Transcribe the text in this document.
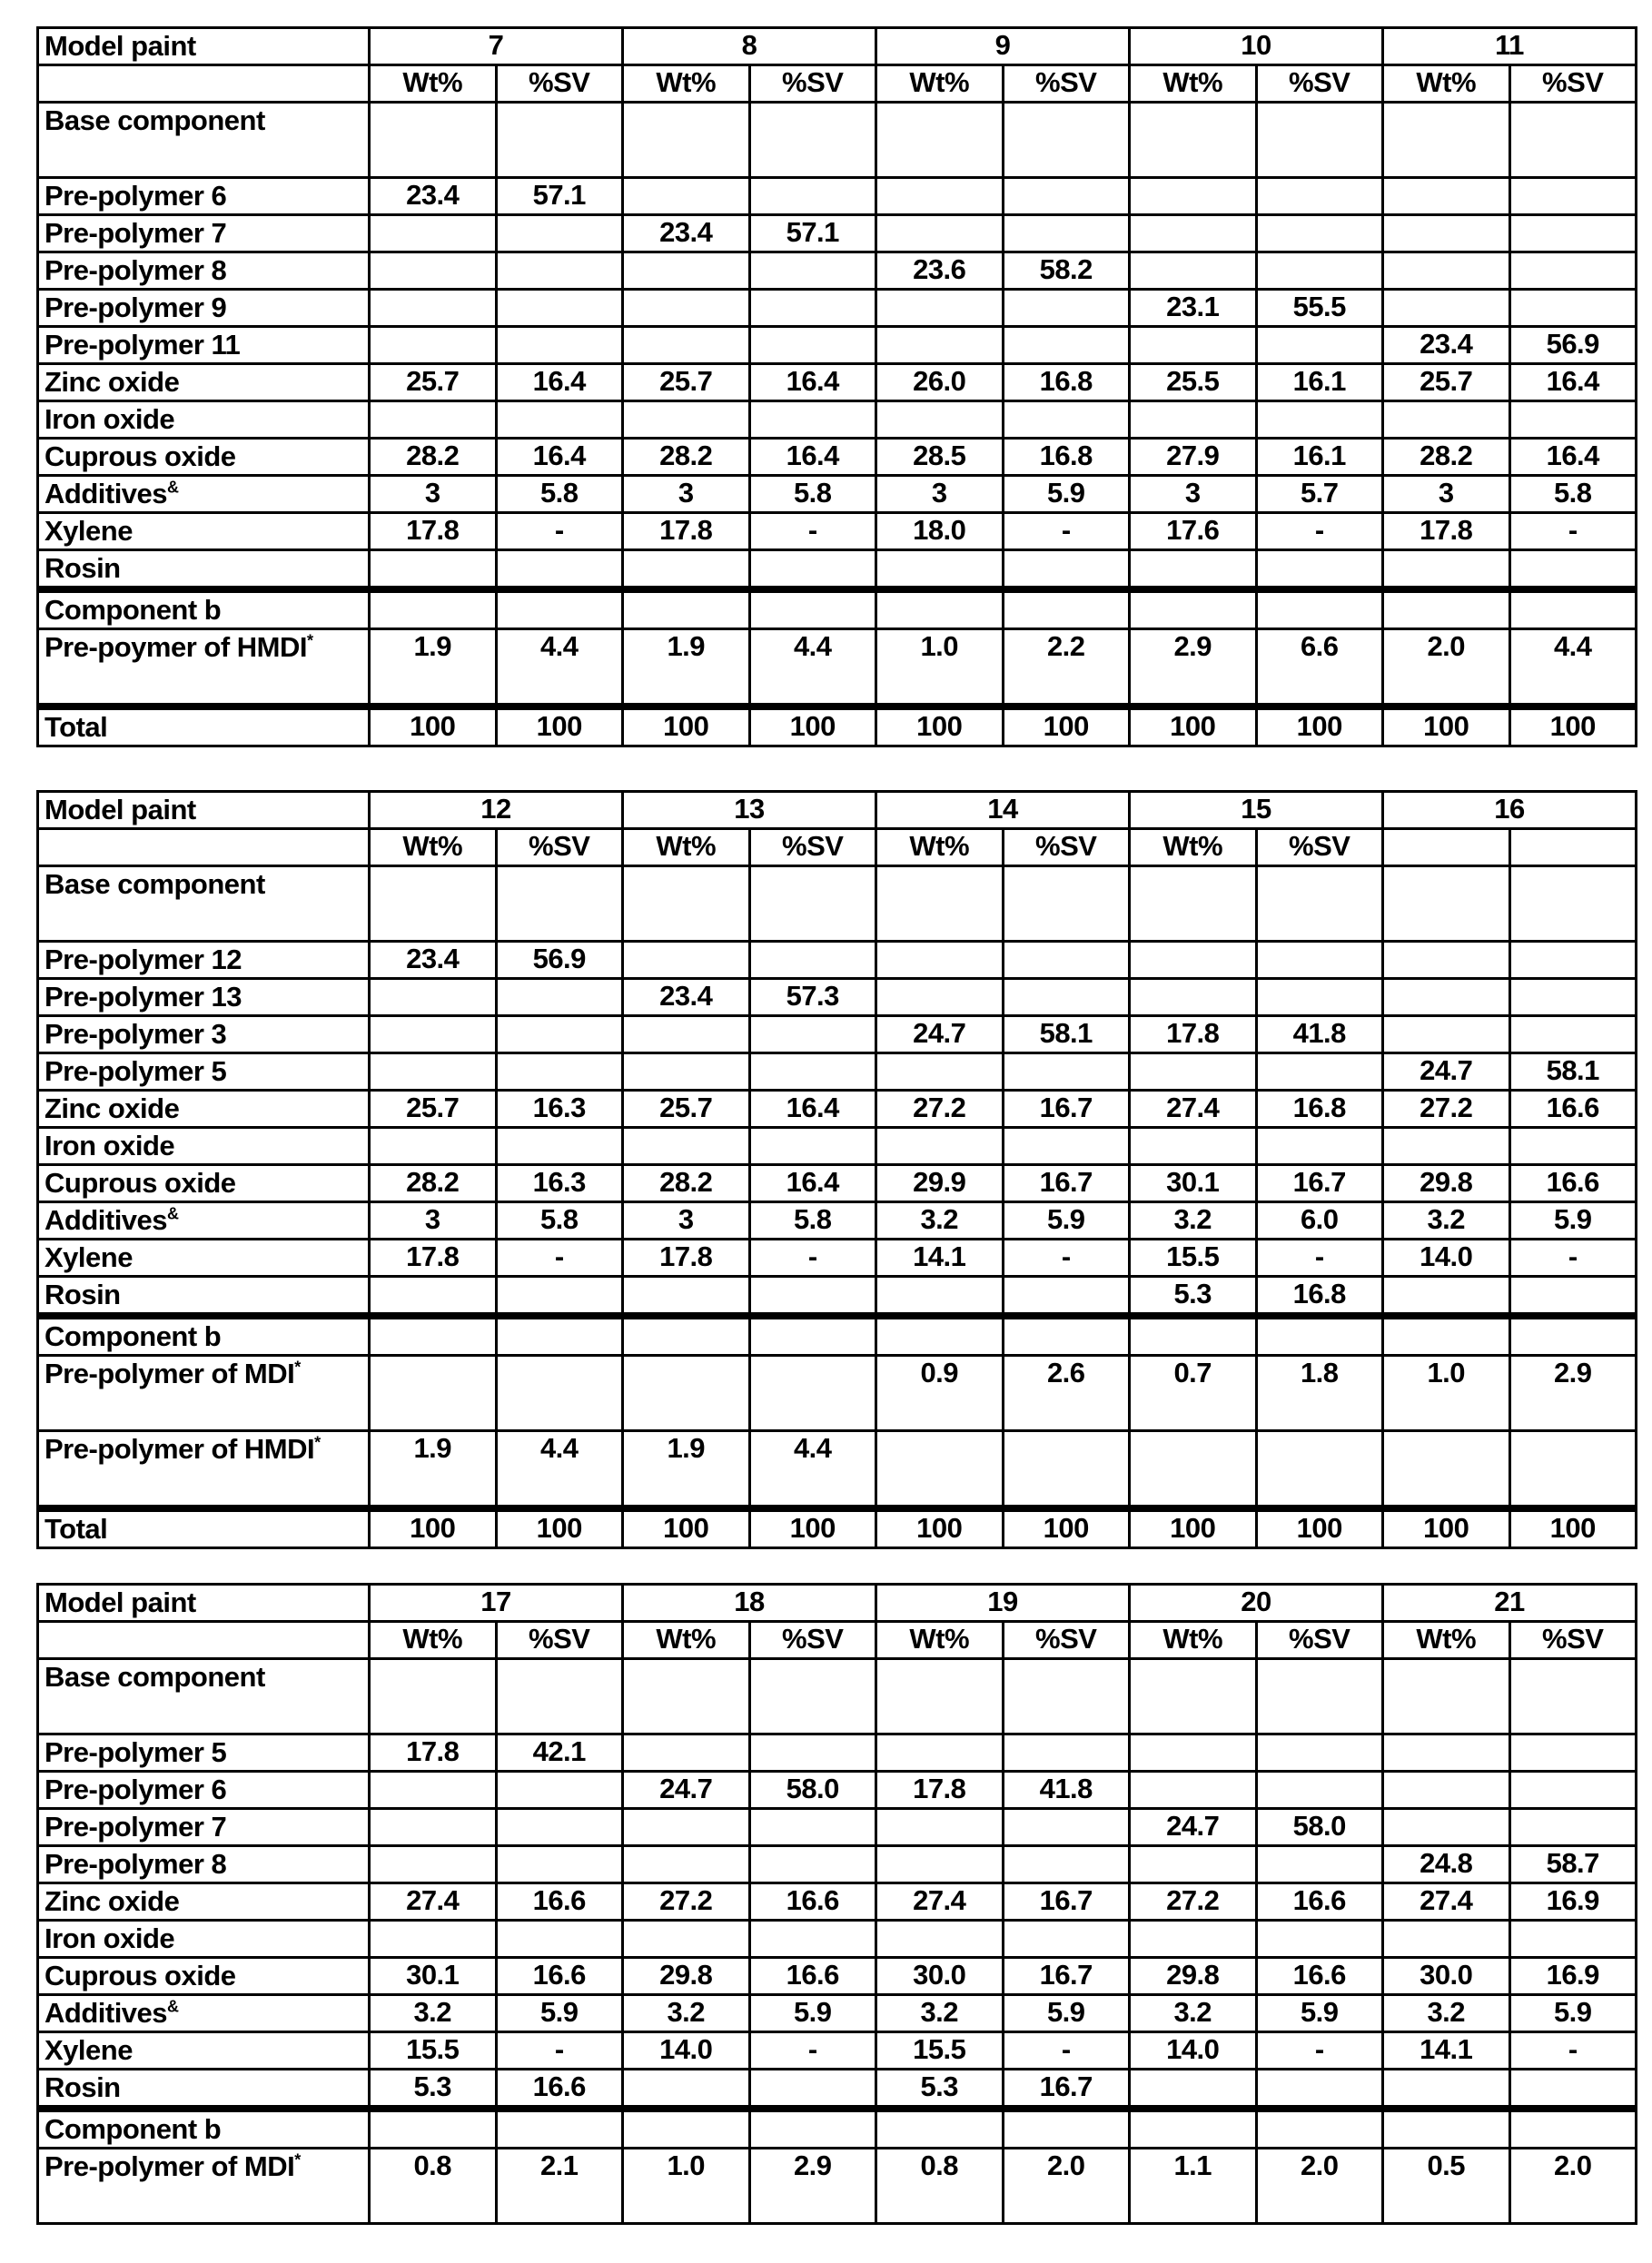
Model paint	7	8	9	10	11
	Wt%	%SV	Wt%	%SV	Wt%	%SV	Wt%	%SV	Wt%	%SV
Base component										
Pre-polymer 6	23.4	57.1								
Pre-polymer 7			23.4	57.1						
Pre-polymer 8					23.6	58.2				
Pre-polymer 9							23.1	55.5		
Pre-polymer 11									23.4	56.9
Zinc oxide	25.7	16.4	25.7	16.4	26.0	16.8	25.5	16.1	25.7	16.4
Iron oxide										
Cuprous oxide	28.2	16.4	28.2	16.4	28.5	16.8	27.9	16.1	28.2	16.4
Additives&	3	5.8	3	5.8	3	5.9	3	5.7	3	5.8
Xylene	17.8	-	17.8	-	18.0	-	17.6	-	17.8	-
Rosin										
Component b										
Pre-poymer of HMDI*	1.9	4.4	1.9	4.4	1.0	2.2	2.9	6.6	2.0	4.4
Total	100	100	100	100	100	100	100	100	100	100
Model paint	12	13	14	15	16
	Wt%	%SV	Wt%	%SV	Wt%	%SV	Wt%	%SV		
Base component										
Pre-polymer 12	23.4	56.9								
Pre-polymer 13			23.4	57.3						
Pre-polymer 3					24.7	58.1	17.8	41.8		
Pre-polymer 5									24.7	58.1
Zinc oxide	25.7	16.3	25.7	16.4	27.2	16.7	27.4	16.8	27.2	16.6
Iron oxide										
Cuprous oxide	28.2	16.3	28.2	16.4	29.9	16.7	30.1	16.7	29.8	16.6
Additives&	3	5.8	3	5.8	3.2	5.9	3.2	6.0	3.2	5.9
Xylene	17.8	-	17.8	-	14.1	-	15.5	-	14.0	-
Rosin							5.3	16.8		
Component b										
Pre-polymer of MDI*					0.9	2.6	0.7	1.8	1.0	2.9
Pre-polymer of HMDI*	1.9	4.4	1.9	4.4						
Total	100	100	100	100	100	100	100	100	100	100
Model paint	17	18	19	20	21
	Wt%	%SV	Wt%	%SV	Wt%	%SV	Wt%	%SV	Wt%	%SV
Base component										
Pre-polymer 5	17.8	42.1								
Pre-polymer 6			24.7	58.0	17.8	41.8				
Pre-polymer 7							24.7	58.0		
Pre-polymer 8									24.8	58.7
Zinc oxide	27.4	16.6	27.2	16.6	27.4	16.7	27.2	16.6	27.4	16.9
Iron oxide										
Cuprous oxide	30.1	16.6	29.8	16.6	30.0	16.7	29.8	16.6	30.0	16.9
Additives&	3.2	5.9	3.2	5.9	3.2	5.9	3.2	5.9	3.2	5.9
Xylene	15.5	-	14.0	-	15.5	-	14.0	-	14.1	-
Rosin	5.3	16.6			5.3	16.7				
Component b										
Pre-polymer of MDI*	0.8	2.1	1.0	2.9	0.8	2.0	1.1	2.0	0.5	2.0
